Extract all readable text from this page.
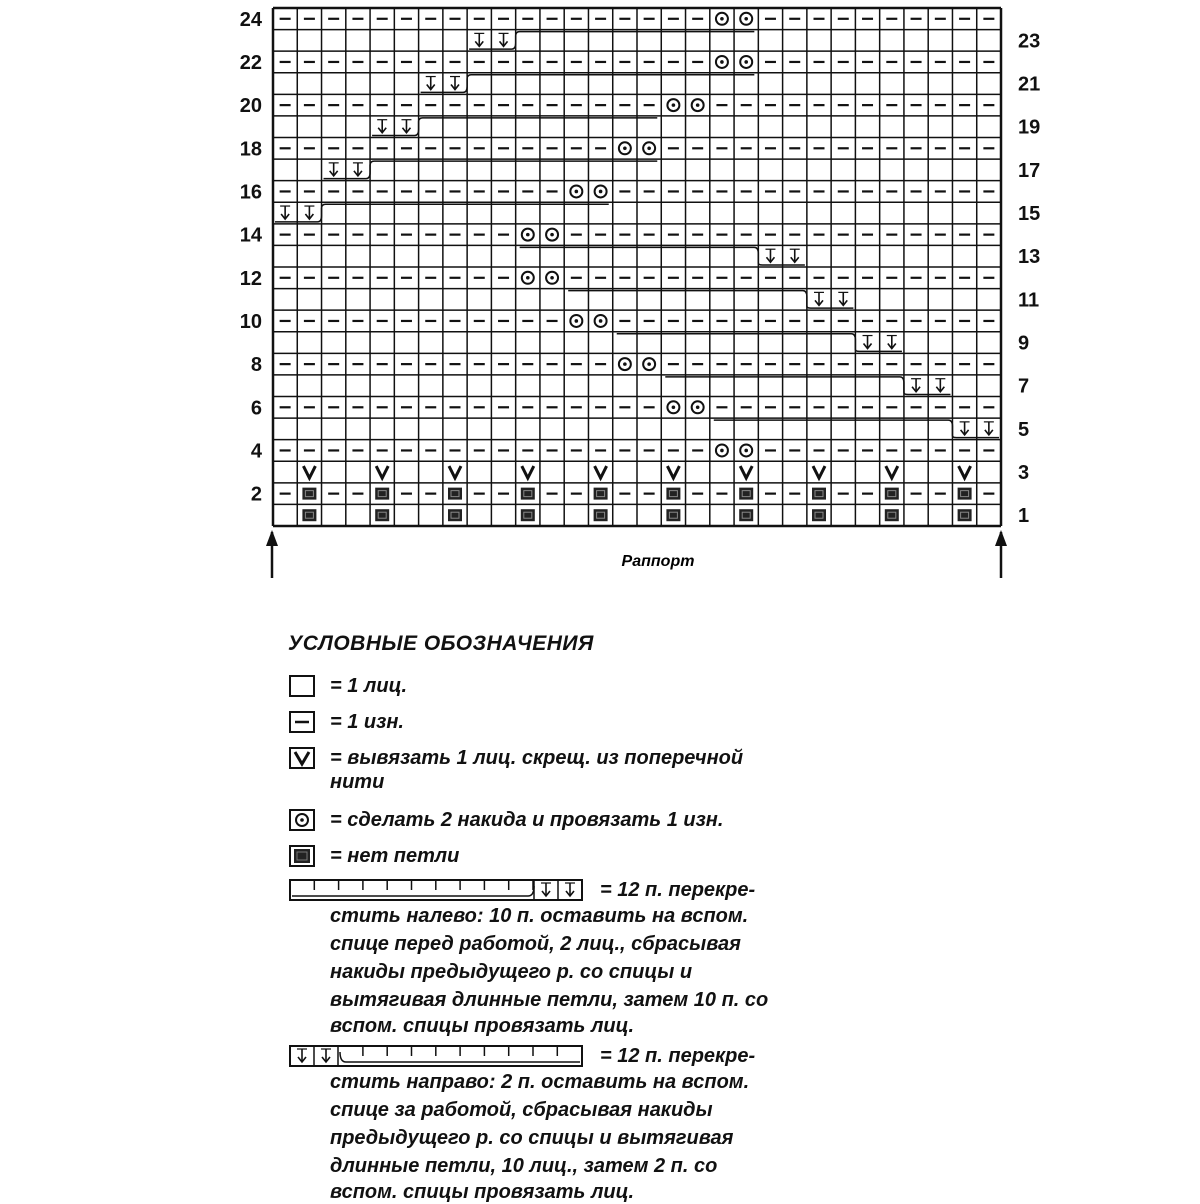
24
22
20
18
16
14
12
10
8
6
4
2
23
21
19
17
15
13
11
9
7
5
3
1
Раппорт
УСЛОВНЫЕ ОБОЗНАЧЕНИЯ
= 1 лиц.
= 1 изн.
= вывязать 1 лиц. скрещ. из поперечной
нити
= сделать 2 накида и провязать 1 изн.
= нет петли
= 12 п. перекре-
стить налево: 10 п. оставить на вспом.
спице перед работой, 2 лиц., сбрасывая
накиды предыдущего р. со спицы и
вытягивая длинные петли, затем 10 п. со
вспом. спицы провязать лиц.
= 12 п. перекре-
стить направо: 2 п. оставить на вспом.
спице за работой, сбрасывая накиды
предыдущего р. со спицы и вытягивая
длинные петли, 10 лиц., затем 2 п. со
вспом. спицы провязать лиц.
